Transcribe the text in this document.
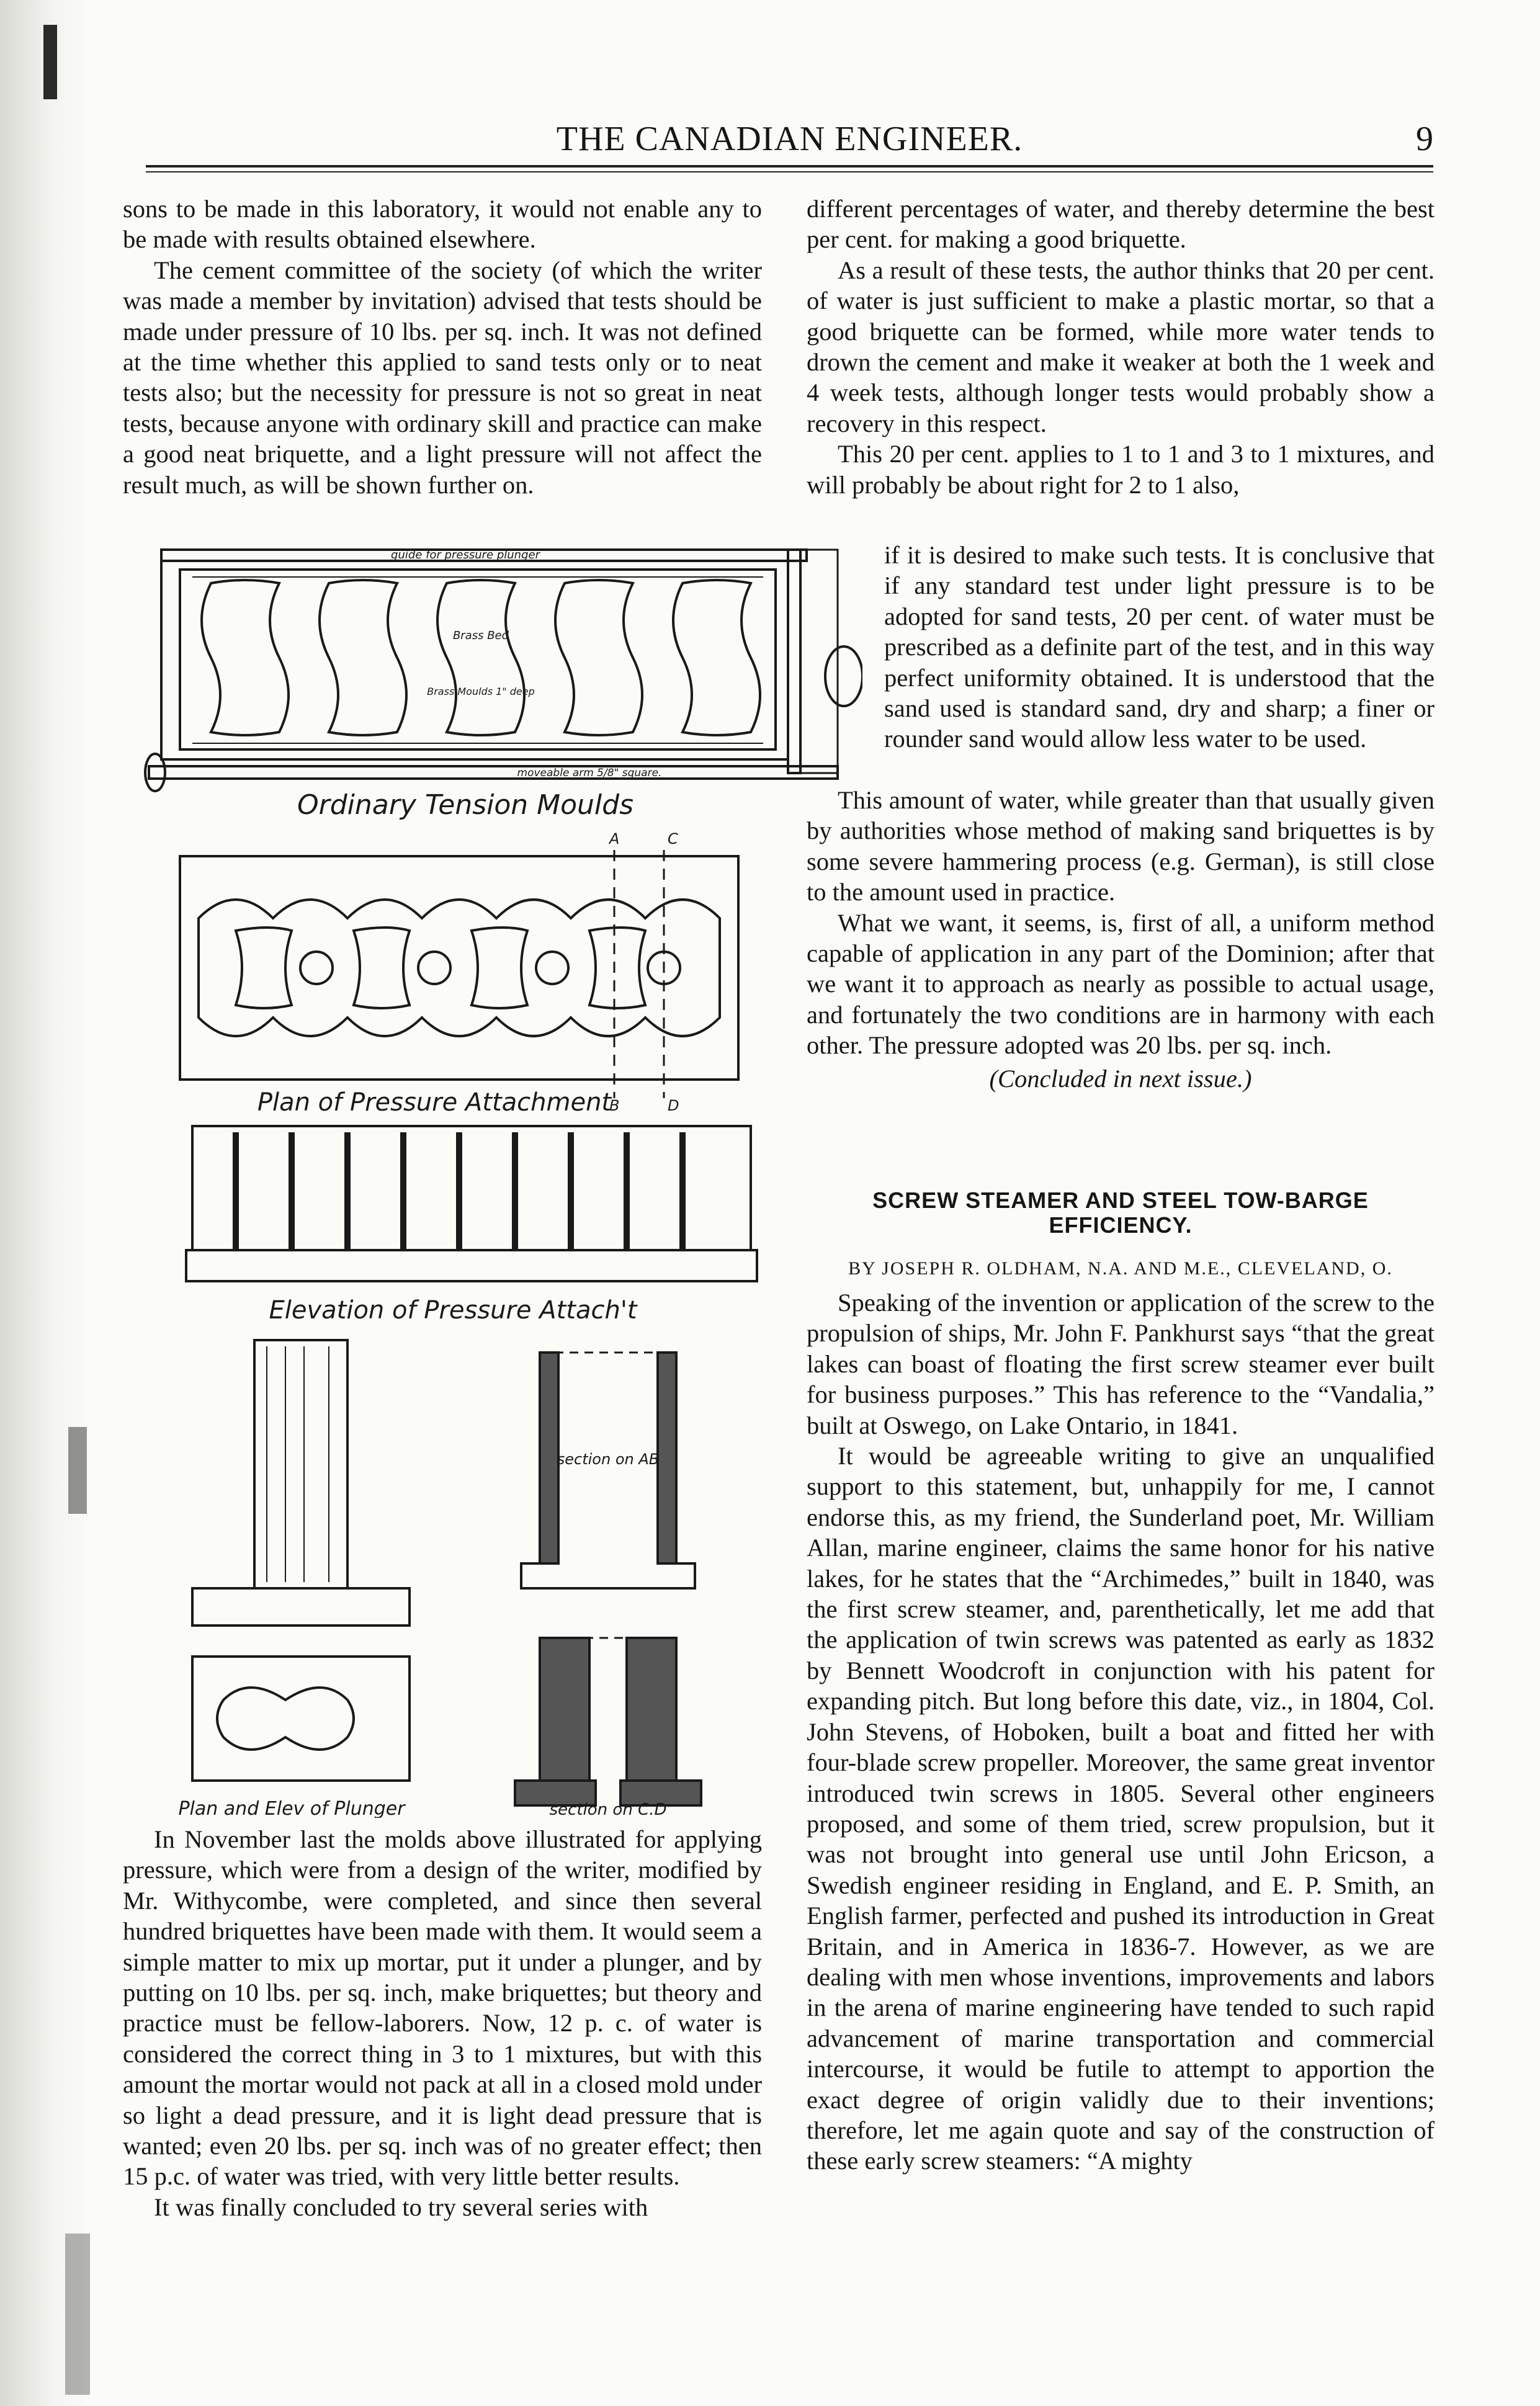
THE CANADIAN ENGINEER.	9

sons to be made in this laboratory, it would not enable any to be made with results obtained elsewhere.

The cement committee of the society (of which the writer was made a member by invitation) advised that tests should be made under pressure of 10 lbs. per sq. inch. It was not defined at the time whether this applied to sand tests only or to neat tests also; but the necessity for pressure is not so great in neat tests, because anyone with ordinary skill and practice can make a good neat briquette, and a light pressure will not affect the result much, as will be shown further on.

guide for pressure plunger
Brass Bed
Brass Moulds 1" deep
moveable arm 5/8" square.
Ordinary Tension Moulds
A	C
B	D
Plan of Pressure Attachment
Elevation of Pressure Attach't
section on AB
Plan and Elev of Plunger	section on C.D

In November last the molds above illustrated for applying pressure, which were from a design of the writer, modified by Mr. Withycombe, were completed, and since then several hundred briquettes have been made with them. It would seem a simple matter to mix up mortar, put it under a plunger, and by putting on 10 lbs. per sq. inch, make briquettes; but theory and practice must be fellow-laborers. Now, 12 p. c. of water is considered the correct thing in 3 to 1 mixtures, but with this amount the mortar would not pack at all in a closed mold under so light a dead pressure, and it is light dead pressure that is wanted; even 20 lbs. per sq. inch was of no greater effect; then 15 p.c. of water was tried, with very little better results.

It was finally concluded to try several series with

different percentages of water, and thereby determine the best per cent. for making a good briquette.

As a result of these tests, the author thinks that 20 per cent. of water is just sufficient to make a plastic mortar, so that a good briquette can be formed, while more water tends to drown the cement and make it weaker at both the 1 week and 4 week tests, although longer tests would probably show a recovery in this respect.

This 20 per cent. applies to 1 to 1 and 3 to 1 mixtures, and will probably be about right for 2 to 1 also,

if it is desired to make such tests. It is conclusive that if any standard test under light pressure is to be adopted for sand tests, 20 per cent. of water must be prescribed as a definite part of the test, and in this way perfect uniformity obtained. It is understood that the sand used is standard sand, dry and sharp; a finer or rounder sand would allow less water to be used.

This amount of water, while greater than that usually given by authorities whose method of making sand briquettes is by some severe hammering process (e.g. German), is still close to the amount used in practice.

What we want, it seems, is, first of all, a uniform method capable of application in any part of the Dominion; after that we want it to approach as nearly as possible to actual usage, and fortunately the two conditions are in harmony with each other. The pressure adopted was 20 lbs. per sq. inch.

(Concluded in next issue.)

SCREW STEAMER AND STEEL TOW-BARGE EFFICIENCY.
BY JOSEPH R. OLDHAM, N.A. AND M.E., CLEVELAND, O.

Speaking of the invention or application of the screw to the propulsion of ships, Mr. John F. Pankhurst says “that the great lakes can boast of floating the first screw steamer ever built for business purposes.” This has reference to the “Vandalia,” built at Oswego, on Lake Ontario, in 1841.

It would be agreeable writing to give an unqualified support to this statement, but, unhappily for me, I cannot endorse this, as my friend, the Sunderland poet, Mr. William Allan, marine engineer, claims the same honor for his native lakes, for he states that the “Archimedes,” built in 1840, was the first screw steamer, and, parenthetically, let me add that the application of twin screws was patented as early as 1832 by Bennett Woodcroft in conjunction with his patent for expanding pitch. But long before this date, viz., in 1804, Col. John Stevens, of Hoboken, built a boat and fitted her with four-blade screw propeller. Moreover, the same great inventor introduced twin screws in 1805. Several other engineers proposed, and some of them tried, screw propulsion, but it was not brought into general use until John Ericson, a Swedish engineer residing in England, and E. P. Smith, an English farmer, perfected and pushed its introduction in Great Britain, and in America in 1836-7. However, as we are dealing with men whose inventions, improvements and labors in the arena of marine engineering have tended to such rapid advancement of marine transportation and commercial intercourse, it would be futile to attempt to apportion the exact degree of origin validly due to their inventions; therefore, let me again quote and say of the construction of these early screw steamers: “A mighty
